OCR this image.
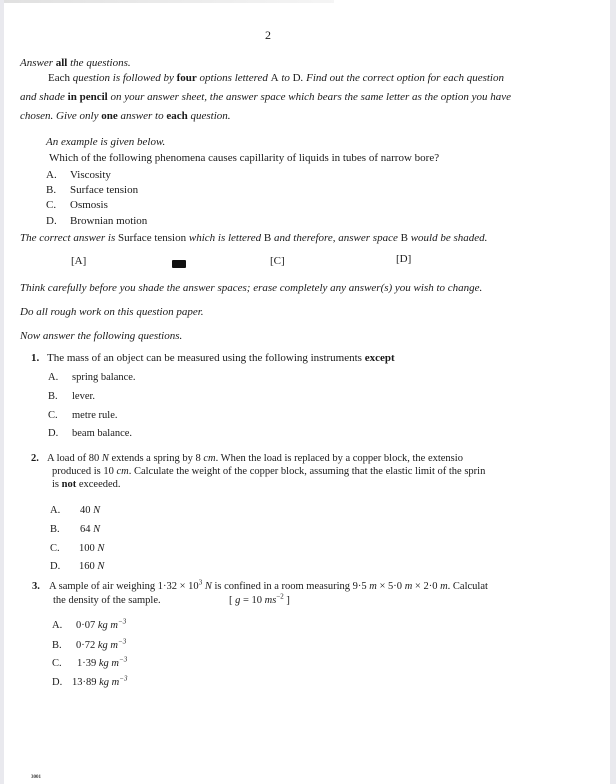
2
Answer all the questions.
Each question is followed by four options lettered A to D. Find out the correct option for each question
and shade in pencil on your answer sheet, the answer space which bears the same letter as the option you have
chosen. Give only one answer to each question.
An example is given below.
Which of the following phenomena causes capillarity of liquids in tubes of narrow bore?
A. Viscosity
B. Surface tension
C. Osmosis
D. Brownian motion
The correct answer is Surface tension which is lettered B and therefore, answer space B would be shaded.
[A]	[C]	[D]
Think carefully before you shade the answer spaces; erase completely any answer(s) you wish to change.
Do all rough work on this question paper.
Now answer the following questions.
1. The mass of an object can be measured using the following instruments except
A. spring balance.
B. lever.
C. metre rule.
D. beam balance.
2. A load of 80 N extends a spring by 8 cm. When the load is replaced by a copper block, the extensio
produced is 10 cm. Calculate the weight of the copper block, assuming that the elastic limit of the sprin
is not exceeded.
A. 40 N
B. 64 N
C. 100 N
D. 160 N
3. A sample of air weighing $1\cdot 32 \times 10^3$ N is confined in a room measuring 9·5 m × 5·0 m × 2·0 m. Calculat
the density of the sample.	[ g = 10 $ms^{-2}$ ]
A. 0·07 kg $m^{-3}$
B. 0·72 kg $m^{-3}$
C. 1·39 kg $m^{-3}$
D. 13·89 kg $m^{-3}$
3001
